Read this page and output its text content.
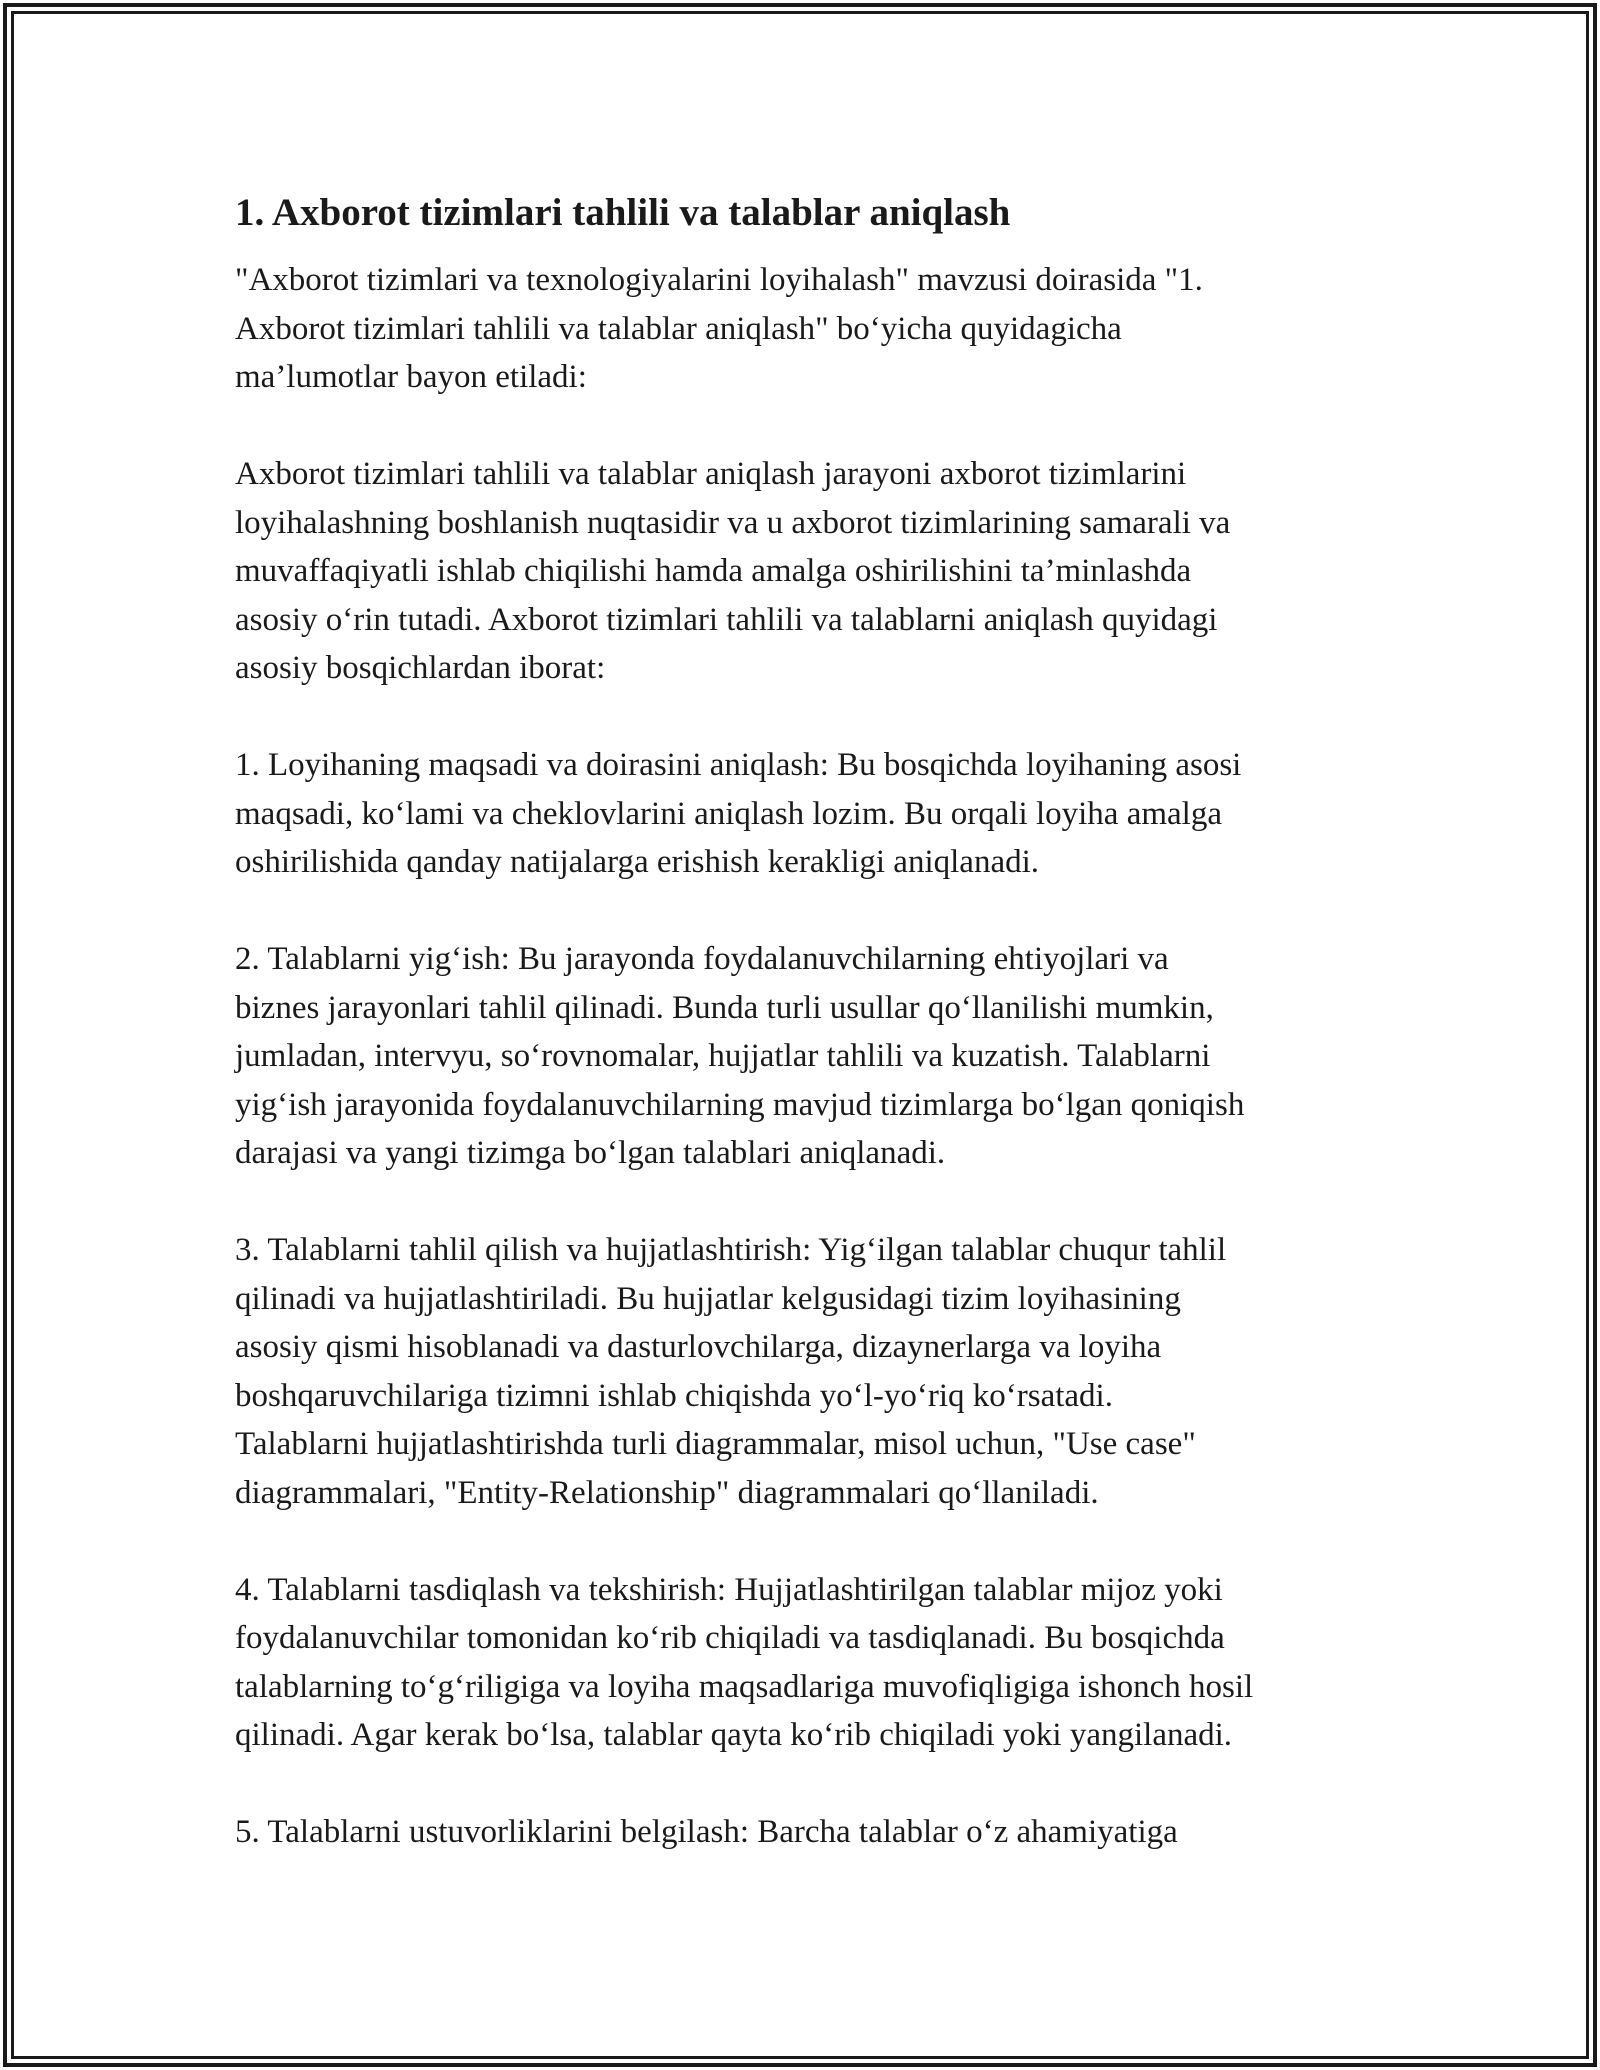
1. Axborot tizimlari tahlili va talablar aniqlash
"Axborot tizimlari va texnologiyalarini loyihalash" mavzusi doirasida "1.
Axborot tizimlari tahlili va talablar aniqlash" bo‘yicha quyidagicha
ma’lumotlar bayon etiladi:
Axborot tizimlari tahlili va talablar aniqlash jarayoni axborot tizimlarini
loyihalashning boshlanish nuqtasidir va u axborot tizimlarining samarali va
muvaffaqiyatli ishlab chiqilishi hamda amalga oshirilishini ta’minlashda
asosiy o‘rin tutadi. Axborot tizimlari tahlili va talablarni aniqlash quyidagi
asosiy bosqichlardan iborat:
1. Loyihaning maqsadi va doirasini aniqlash: Bu bosqichda loyihaning asosi
maqsadi, ko‘lami va cheklovlarini aniqlash lozim. Bu orqali loyiha amalga
oshirilishida qanday natijalarga erishish kerakligi aniqlanadi.
2. Talablarni yig‘ish: Bu jarayonda foydalanuvchilarning ehtiyojlari va
biznes jarayonlari tahlil qilinadi. Bunda turli usullar qo‘llanilishi mumkin,
jumladan, intervyu, so‘rovnomalar, hujjatlar tahlili va kuzatish. Talablarni
yig‘ish jarayonida foydalanuvchilarning mavjud tizimlarga bo‘lgan qoniqish
darajasi va yangi tizimga bo‘lgan talablari aniqlanadi.
3. Talablarni tahlil qilish va hujjatlashtirish: Yig‘ilgan talablar chuqur tahlil
qilinadi va hujjatlashtiriladi. Bu hujjatlar kelgusidagi tizim loyihasining
asosiy qismi hisoblanadi va dasturlovchilarga, dizaynerlarga va loyiha
boshqaruvchilariga tizimni ishlab chiqishda yo‘l-yo‘riq ko‘rsatadi.
Talablarni hujjatlashtirishda turli diagrammalar, misol uchun, "Use case"
diagrammalari, "Entity-Relationship" diagrammalari qo‘llaniladi.
4. Talablarni tasdiqlash va tekshirish: Hujjatlashtirilgan talablar mijoz yoki
foydalanuvchilar tomonidan ko‘rib chiqiladi va tasdiqlanadi. Bu bosqichda
talablarning to‘g‘riligiga va loyiha maqsadlariga muvofiqligiga ishonch hosil
qilinadi. Agar kerak bo‘lsa, talablar qayta ko‘rib chiqiladi yoki yangilanadi.
5. Talablarni ustuvorliklarini belgilash: Barcha talablar o‘z ahamiyatiga
